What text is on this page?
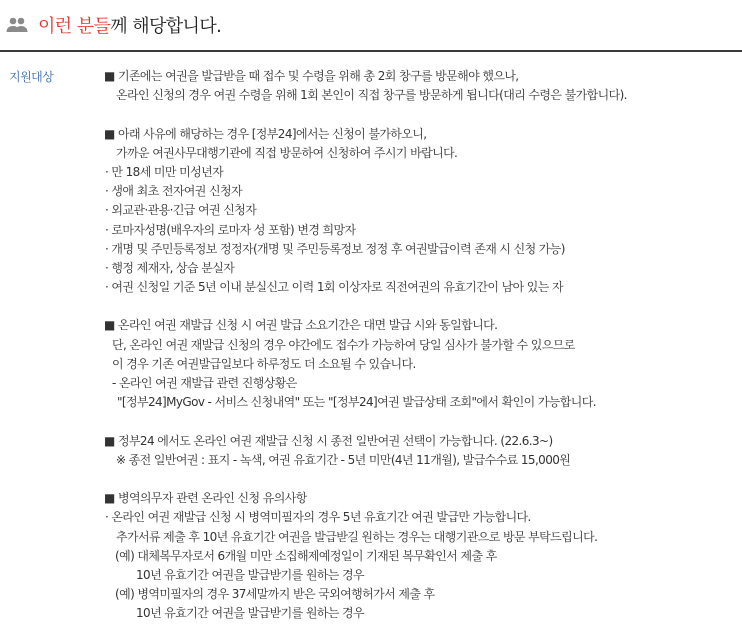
이런 분들께 해당합니다.
지원대상	■ 기존에는 여권을 발급받을 때 접수 및 수령을 위해 총 2회 창구를 방문해야 했으나,
온라인 신청의 경우 여권 수령을 위해 1회 본인이 직접 창구를 방문하게 됩니다(대리 수령은 불가합니다).
■ 아래 사유에 해당하는 경우 [정부24]에서는 신청이 불가하오니,
가까운 여권사무대행기관에 직접 방문하여 신청하여 주시기 바랍니다.
· 만 18세 미만 미성년자
· 생애 최초 전자여권 신청자
· 외교관·관용·긴급 여권 신청자
· 로마자성명(배우자의 로마자 성 포함) 변경 희망자
· 개명 및 주민등록정보 정정자(개명 및 주민등록정보 정정 후 여권발급이력 존재 시 신청 가능)
· 행정 제재자, 상습 분실자
· 여권 신청일 기준 5년 이내 분실신고 이력 1회 이상자로 직전여권의 유효기간이 남아 있는 자
■ 온라인 여권 재발급 신청 시 여권 발급 소요기간은 대면 발급 시와 동일합니다.
단, 온라인 여권 재발급 신청의 경우 야간에도 접수가 가능하여 당일 심사가 불가할 수 있으므로
이 경우 기존 여권발급일보다 하루정도 더 소요될 수 있습니다.
- 온라인 여권 재발급 관련 진행상황은
"[정부24]MyGov - 서비스 신청내역" 또는 "[정부24]여권 발급상태 조회"에서 확인이 가능합니다.
■ 정부24 에서도 온라인 여권 재발급 신청 시 종전 일반여권 선택이 가능합니다. (22.6.3~)
※ 종전 일반여권 : 표지 - 녹색, 여권 유효기간 - 5년 미만(4년 11개월), 발급수수료 15,000원
■ 병역의무자 관련 온라인 신청 유의사항
· 온라인 여권 재발급 신청 시 병역미필자의 경우 5년 유효기간 여권 발급만 가능합니다.
추가서류 제출 후 10년 유효기간 여권을 발급받길 원하는 경우는 대행기관으로 방문 부탁드립니다.
(예) 대체복무자로서 6개월 미만 소집해제예정일이 기재된 복무확인서 제출 후
10년 유효기간 여권을 발급받기를 원하는 경우
(예) 병역미필자의 경우 37세말까지 받은 국외여행허가서 제출 후
10년 유효기간 여권을 발급받기를 원하는 경우
